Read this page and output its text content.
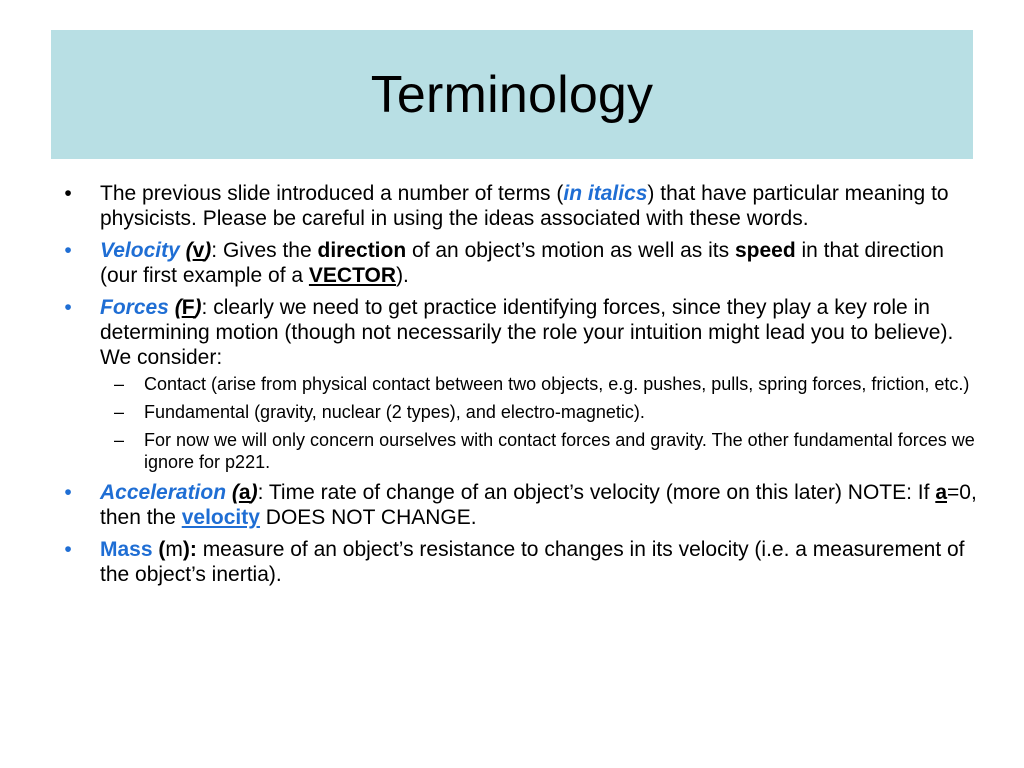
Terminology
•	The previous slide introduced a number of terms (in italics) that have particular meaning to physicists. Please be careful in using the ideas associated with these words.
•	Velocity (v): Gives the direction of an object’s motion as well as its speed in that direction (our first example of a VECTOR).
•	Forces (F): clearly we need to get practice identifying forces, since they play a key role in determining motion (though not necessarily the role your intuition might lead you to believe). We consider:
– Contact (arise from physical contact between two objects, e.g. pushes, pulls, spring forces, friction, etc.)
– Fundamental (gravity, nuclear (2 types), and electro-magnetic).
– For now we will only concern ourselves with contact forces and gravity. The other fundamental forces we ignore for p221.
•	Acceleration (a): Time rate of change of an object’s velocity (more on this later) NOTE: If a=0, then the velocity DOES NOT CHANGE.
•	Mass (m): measure of an object’s resistance to changes in its velocity (i.e. a measurement of the object’s inertia).
